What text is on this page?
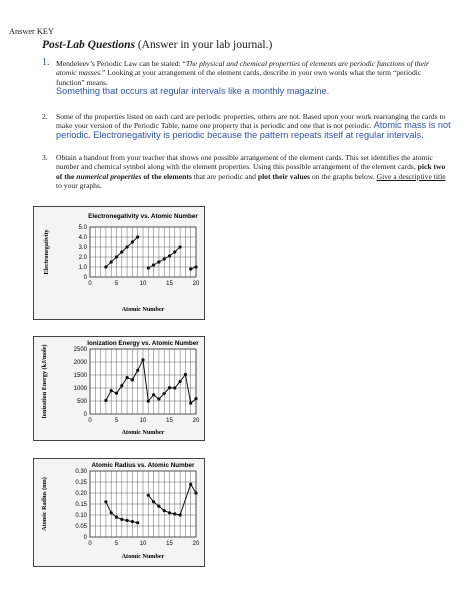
Answer KEY
Post-Lab Questions (Answer in your lab journal.)
1. Mendeleev’s Periodic Law can be stated: “The physical and chemical properties of elements are periodic functions of their atomic masses.” Looking at your arrangement of the element cards, describe in your own words what the term “periodic function” means.
Something that occurs at regular intervals like a monthly magazine.
2. Some of the properties listed on each card are periodic properties, others are not. Based upon your work rearranging the cards to make your version of the Periodic Table, name one property that is periodic and one that is not periodic. Atomic mass is not periodic. Electronegativity is periodic because the pattern repeats itself at regular intervals.
3. Obtain a handout from your teacher that shows one possible arrangement of the element cards. This set identifies the atomic number and chemical symbol along with the element properties. Using this possible arrangement of the element cards, pick two of the numerical properties of the elements that are periodic and plot their values on the graphs below. Give a descriptive title to your graphs.
Electronegativity vs. Atomic Number
0
1.0
2.0
3.0
4.0
5.0
0	5	10	15	20
Atomic Number
Electronegativity
Ionization Energy vs. Atomic Number
0
500
1000
1500
2000
2500
0	5	10	15	20
Atomic Number
Ionization Energy (kJ/mole)
Atomic Radius vs. Atomic Number
0
0.05
0.10
0.15
0.20
0.25
0.30
0	5	10	15	20
Atomic Number
Atomic Radius (nm)
